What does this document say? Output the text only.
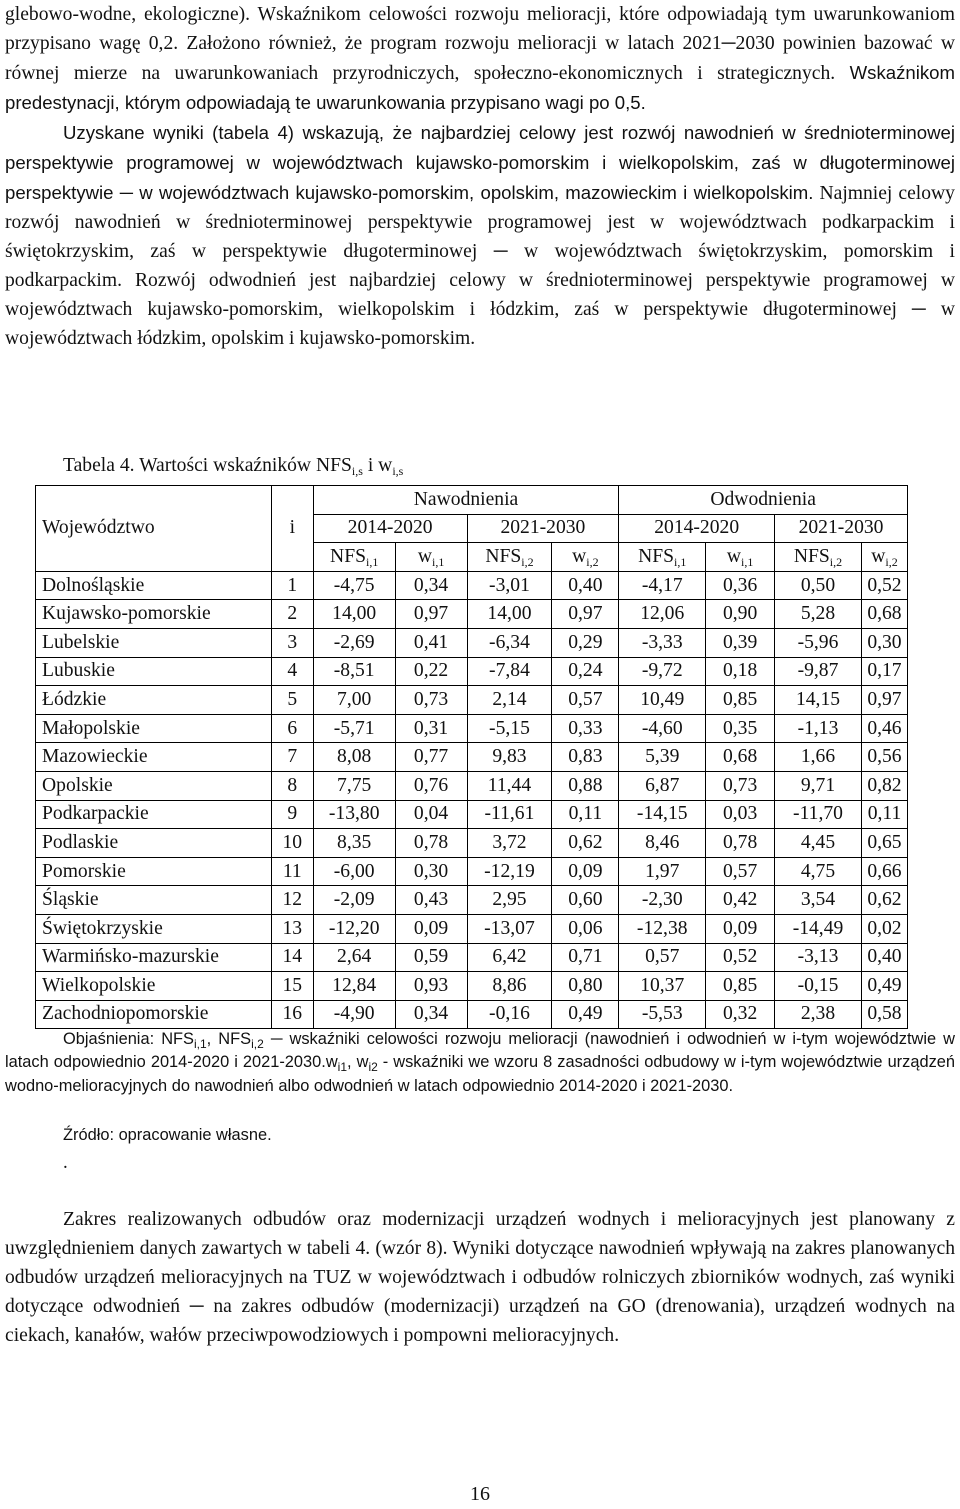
glebowo-wodne, ekologiczne). Wskaźnikom celowości rozwoju melioracji, które odpowiadają tym uwarunkowaniom przypisano wagę 0,2. Założono również, że program rozwoju melioracji w latach 2021─2030 powinien bazować w równej mierze na uwarunkowaniach przyrodniczych, społeczno-ekonomicznych i strategicznych. Wskaźnikom predestynacji, którym odpowiadają te uwarunkowania przypisano wagi po 0,5.
Uzyskane wyniki (tabela 4) wskazują, że najbardziej celowy jest rozwój nawodnień w średnioterminowej perspektywie programowej w województwach kujawsko-pomorskim i wielkopolskim, zaś w długoterminowej perspektywie ─ w województwach kujawsko-pomorskim, opolskim, mazowieckim i wielkopolskim. Najmniej celowy rozwój nawodnień w średnioterminowej perspektywie programowej jest w województwach podkarpackim i świętokrzyskim, zaś w perspektywie długoterminowej ─ w województwach świętokrzyskim, pomorskim i podkarpackim. Rozwój odwodnień jest najbardziej celowy w średnioterminowej perspektywie programowej w województwach kujawsko-pomorskim, wielkopolskim i łódzkim, zaś w perspektywie długoterminowej ─ w województwach łódzkim, opolskim i kujawsko-pomorskim.

Tabela 4. Wartości wskaźników $NFS_{i,s}$ i $w_{i,s}$

Województwo	i	Nawodnienia				Odwodnienia			
		2014-2020		2021-2030		2014-2020		2021-2030	
		$NFS_{i,1}$	$w_{i,1}$	$NFS_{i,2}$	$w_{i,2}$	$NFS_{i,1}$	$w_{i,1}$	$NFS_{i,2}$	$w_{i,2}$
Dolnośląskie	1	-4,75	0,34	-3,01	0,40	-4,17	0,36	0,50	0,52
Kujawsko-pomorskie	2	14,00	0,97	14,00	0,97	12,06	0,90	5,28	0,68
Lubelskie	3	-2,69	0,41	-6,34	0,29	-3,33	0,39	-5,96	0,30
Lubuskie	4	-8,51	0,22	-7,84	0,24	-9,72	0,18	-9,87	0,17
Łódzkie	5	7,00	0,73	2,14	0,57	10,49	0,85	14,15	0,97
Małopolskie	6	-5,71	0,31	-5,15	0,33	-4,60	0,35	-1,13	0,46
Mazowieckie	7	8,08	0,77	9,83	0,83	5,39	0,68	1,66	0,56
Opolskie	8	7,75	0,76	11,44	0,88	6,87	0,73	9,71	0,82
Podkarpackie	9	-13,80	0,04	-11,61	0,11	-14,15	0,03	-11,70	0,11
Podlaskie	10	8,35	0,78	3,72	0,62	8,46	0,78	4,45	0,65
Pomorskie	11	-6,00	0,30	-12,19	0,09	1,97	0,57	4,75	0,66
Śląskie	12	-2,09	0,43	2,95	0,60	-2,30	0,42	3,54	0,62
Świętokrzyskie	13	-12,20	0,09	-13,07	0,06	-12,38	0,09	-14,49	0,02
Warmińsko-mazurskie	14	2,64	0,59	6,42	0,71	0,57	0,52	-3,13	0,40
Wielkopolskie	15	12,84	0,93	8,86	0,80	10,37	0,85	-0,15	0,49
Zachodniopomorskie	16	-4,90	0,34	-0,16	0,49	-5,53	0,32	2,38	0,58

Objaśnienia: $NFS_{i,1}$, $NFS_{i,2}$ ─ wskaźniki celowości rozwoju melioracji (nawodnień i odwodnień w i-tym województwie w latach odpowiednio 2014-2020 i $2021-2030.w_{i1}$, $w_{i2}$ - wskaźniki we wzoru 8 zasadności odbudowy w i-tym województwie urządzeń wodno-melioracyjnych do nawodnień albo odwodnień w latach odpowiednio 2014-2020 i 2021-2030.

Źródło: opracowanie własne.

.

Zakres realizowanych odbudów oraz modernizacji urządzeń wodnych i melioracyjnych jest planowany z uwzględnieniem danych zawartych w tabeli 4. (wzór 8). Wyniki dotyczące nawodnień wpływają na zakres planowanych odbudów urządzeń melioracyjnych na TUZ w województwach i odbudów rolniczych zbiorników wodnych, zaś wyniki dotyczące odwodnień ─ na zakres odbudów (modernizacji) urządzeń na GO (drenowania), urządzeń wodnych na ciekach, kanałów, wałów przeciwpowodziowych i pompowni melioracyjnych.

16
